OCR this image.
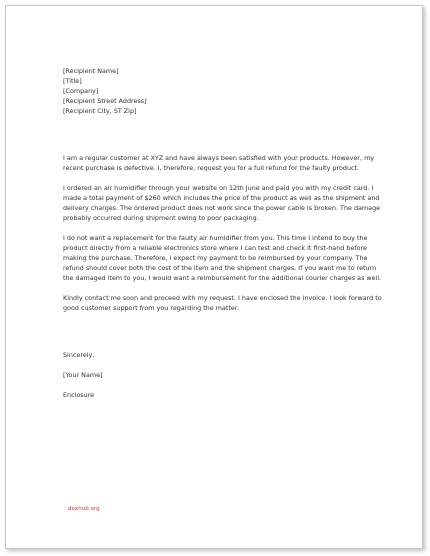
[Recipient Name]
[Title]
[Company]
[Recipient Street Address]
[Recipient City, ST Zip]

I am a regular customer at XYZ and have always been satisfied with your products. However, my recent purchase is defective. I, therefore, request you for a full refund for the faulty product.

I ordered an air humidifier through your website on 12th June and paid you with my credit card. I made a total payment of $260 which includes the price of the product as well as the shipment and delivery charges. The ordered product does not work since the power cable is broken. The damage probably occurred during shipment owing to poor packaging.

I do not want a replacement for the faulty air humidifier from you. This time I intend to buy the product directly from a reliable electronics store where I can test and check it first-hand before making the purchase. Therefore, I expect my payment to be reimbursed by your company. The refund should cover both the cost of the item and the shipment charges. If you want me to return the damaged item to you, I would want a reimbursement for the additional courier charges as well.

Kindly contact me soon and proceed with my request. I have enclosed the invoice. I look forward to good customer support from you regarding the matter.

Sincerely,

[Your Name]

Enclosure

doxhub.org
